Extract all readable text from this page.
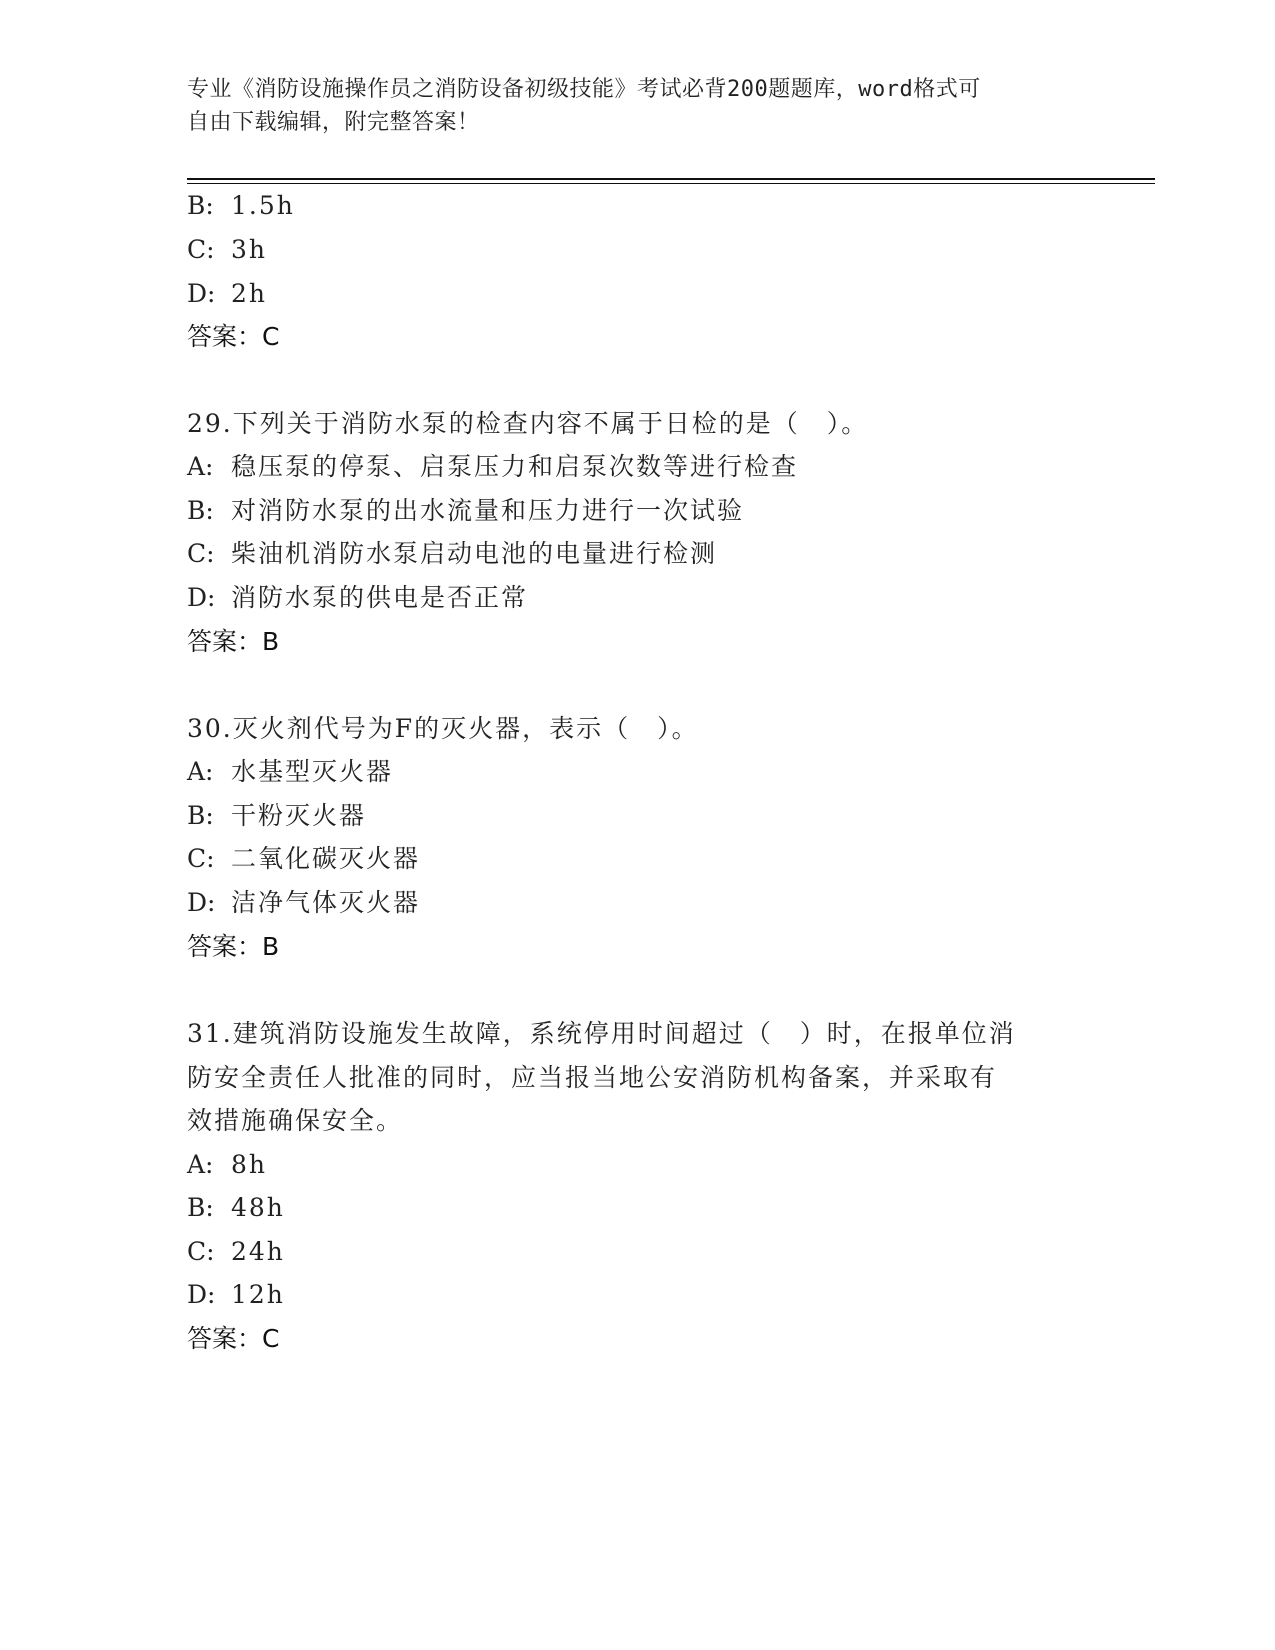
专业《消防设施操作员之消防设备初级技能》考试必背200题题库，word格式可
自由下载编辑，附完整答案！
B: 1.5h
C: 3h
D: 2h
答案：C
29.下列关于消防水泵的检查内容不属于日检的是（　）。
A: 稳压泵的停泵、启泵压力和启泵次数等进行检查
B: 对消防水泵的出水流量和压力进行一次试验
C: 柴油机消防水泵启动电池的电量进行检测
D: 消防水泵的供电是否正常
答案：B
30.灭火剂代号为F的灭火器，表示（　）。
A: 水基型灭火器
B: 干粉灭火器
C: 二氧化碳灭火器
D: 洁净气体灭火器
答案：B
31.建筑消防设施发生故障，系统停用时间超过（　）时，在报单位消
防安全责任人批准的同时，应当报当地公安消防机构备案，并采取有
效措施确保安全。
A: 8h
B: 48h
C: 24h
D: 12h
答案：C
